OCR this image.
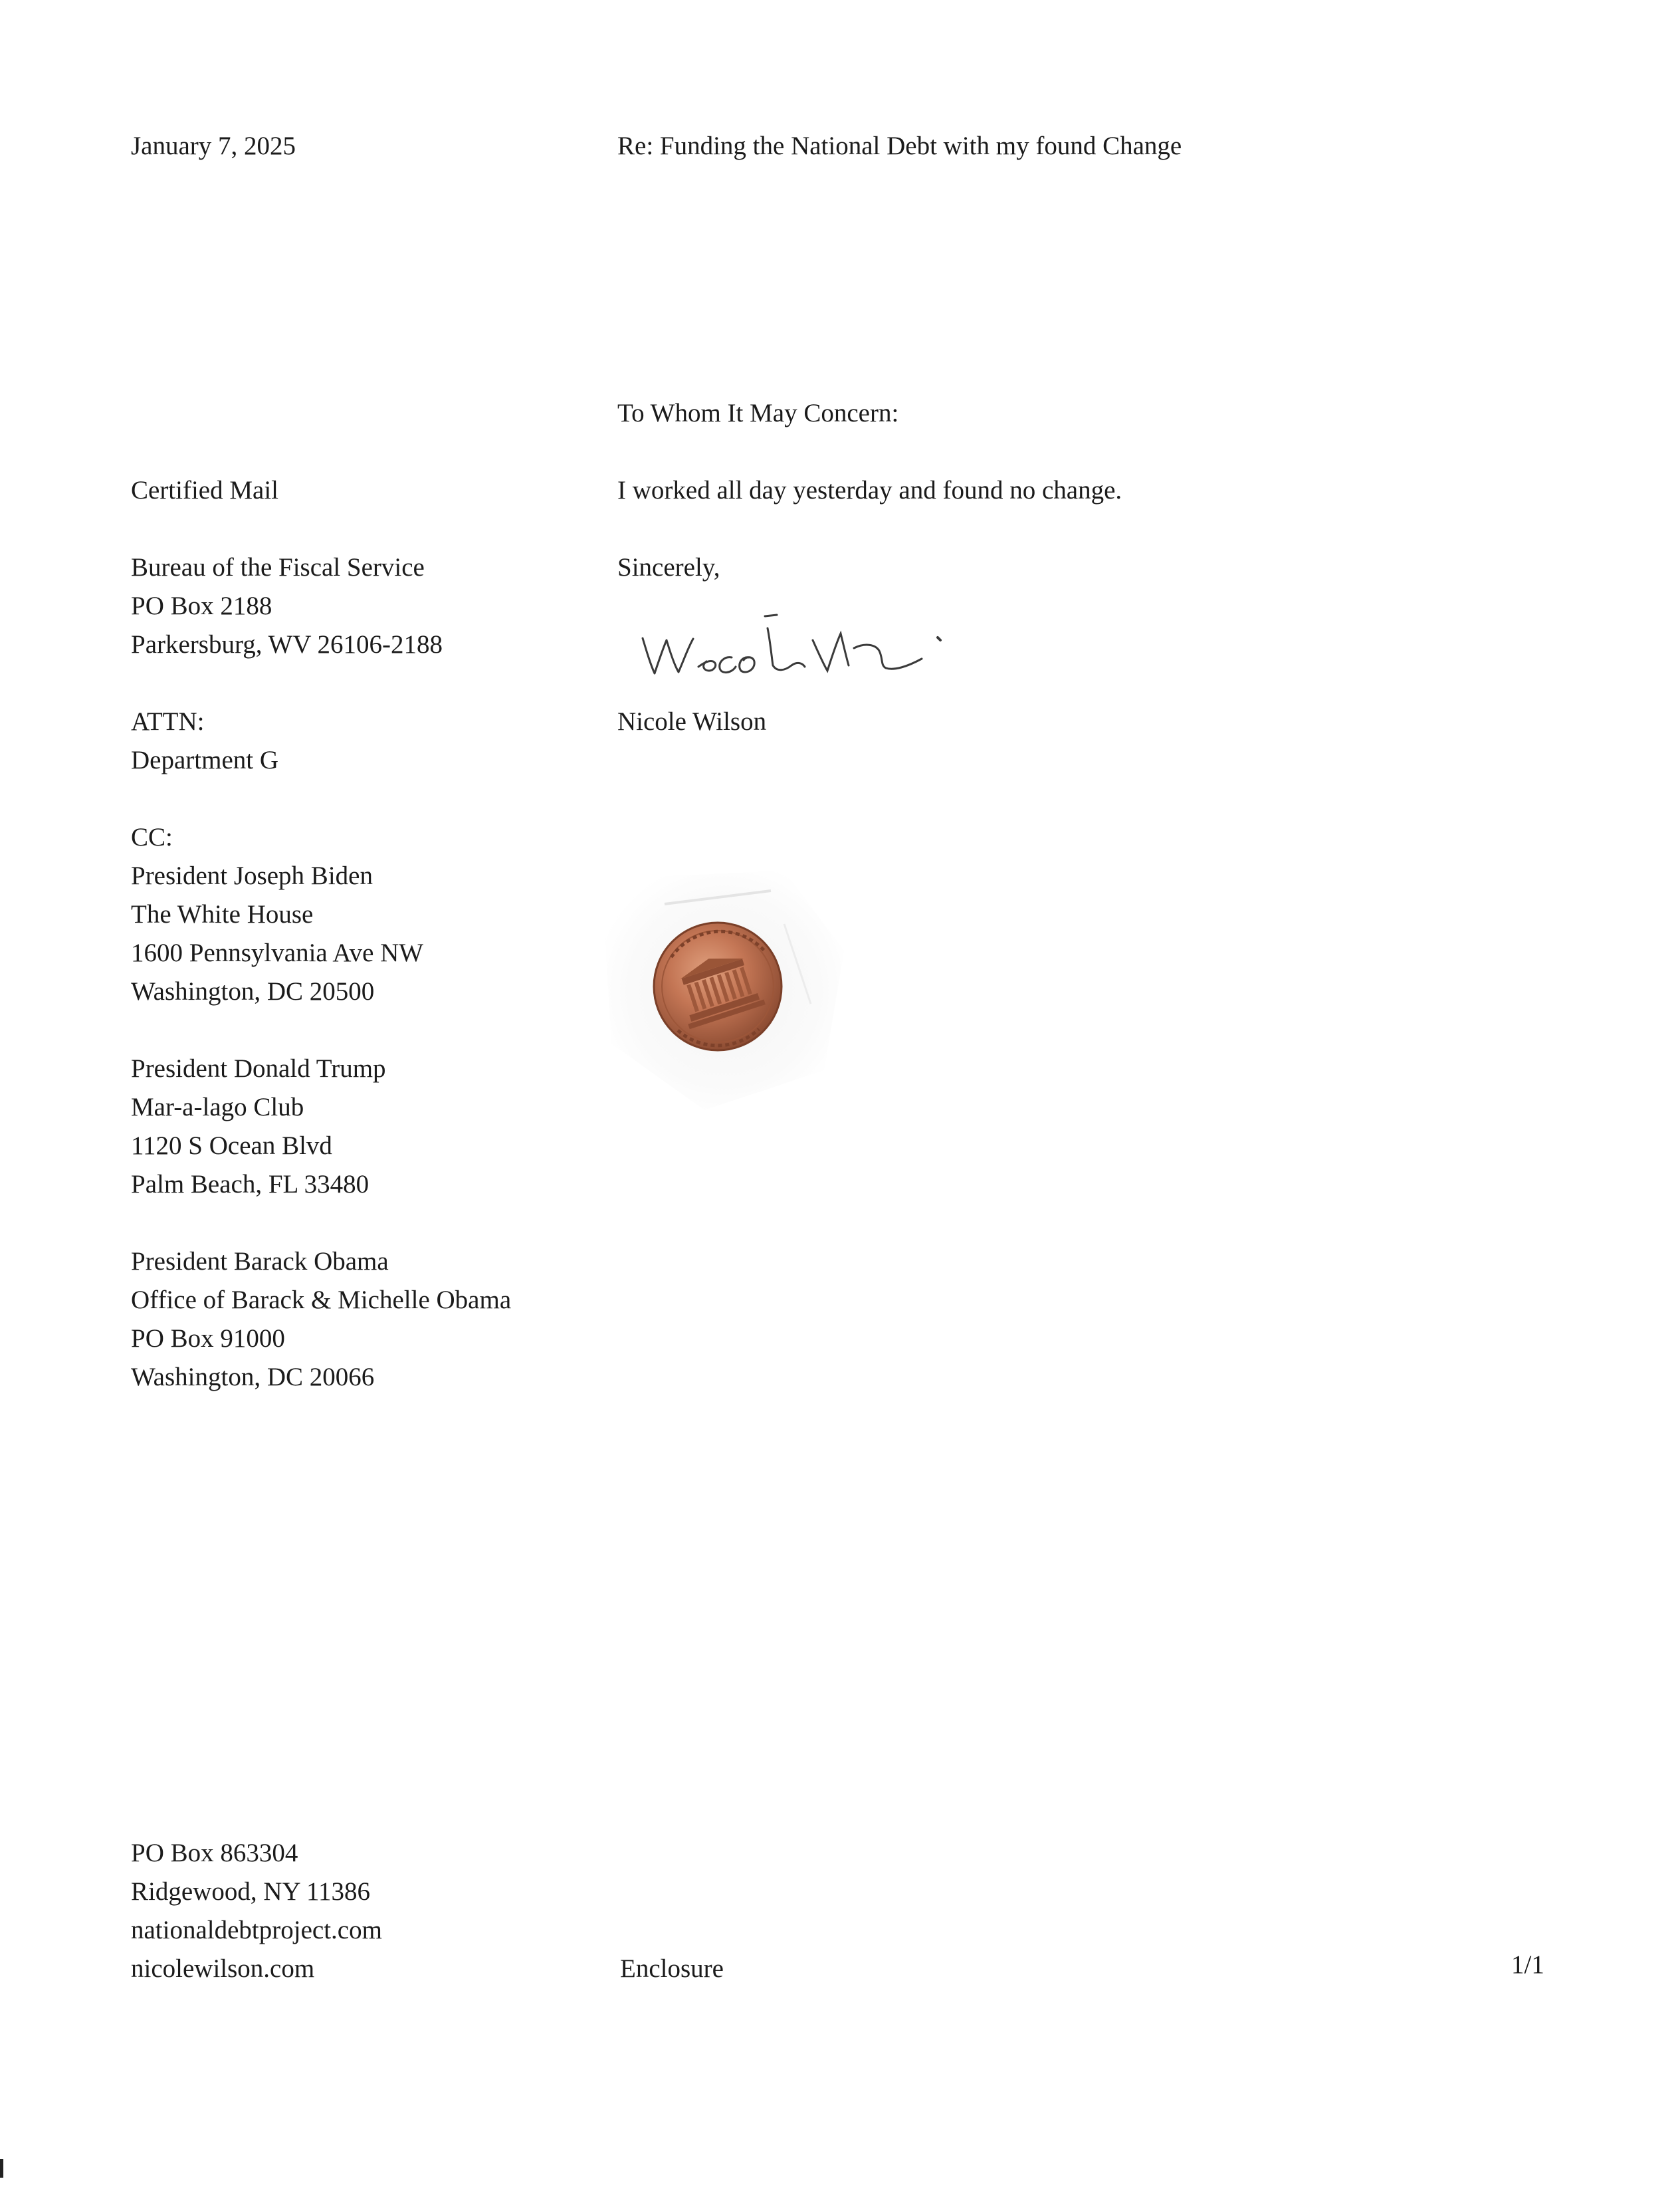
January 7, 2025	Re: Funding the National Debt with my found Change
To Whom It May Concern:
Certified Mail	I worked all day yesterday and found no change.
Bureau of the Fiscal Service
PO Box 2188
Parkersburg, WV 26106-2188
Sincerely,
ATTN:
Department G
Nicole Wilson
CC:
President Joseph Biden
The White House
1600 Pennsylvania Ave NW
Washington, DC 20500
President Donald Trump
Mar-a-lago Club
1120 S Ocean Blvd
Palm Beach, FL 33480
President Barack Obama
Office of Barack & Michelle Obama
PO Box 91000
Washington, DC 20066
PO Box 863304
Ridgewood, NY 11386
nationaldebtproject.com
nicolewilson.com	Enclosure	1/1
